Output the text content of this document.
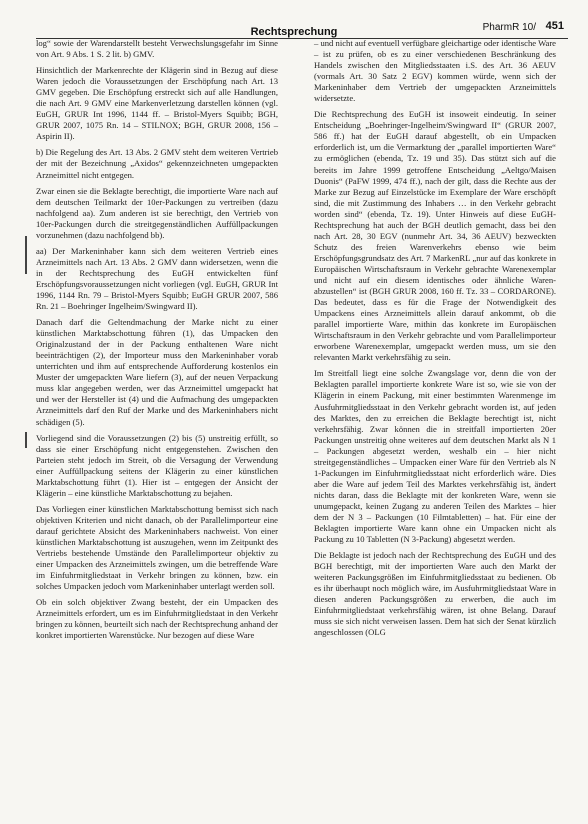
Rechtsprechung	PharmR 10/ 451

log“ sowie der Warendarstellt besteht Verwechslungsgefahr im Sinne von Art. 9 Abs. 1 S. 2 lit. b) GMV.

Hinsichtlich der Markenrechte der Klägerin sind in Bezug auf diese Waren jedoch die Voraussetzungen der Erschöpfung nach Art. 13 GMV gegeben. Die Erschöpfung erstreckt sich auf alle Handlungen, die nach Art. 9 GMV eine Markenverletzung darstellen können (vgl. EuGH, GRUR Int 1996, 1144 ff. – Bristol-Myers Squibb; BGH, GRUR 2007, 1075 Rn. 14 – STILNOX; BGH, GRUR 2008, 156 – Aspirin II).

b) Die Regelung des Art. 13 Abs. 2 GMV steht dem weiteren Vertrieb der mit der Bezeichnung „Axidos“ gekennzeichneten umgepackten Arzneimittel nicht entgegen.

Zwar einen sie die Beklagte berechtigt, die importierte Ware nach auf dem deutschen Teilmarkt der 10er-Packungen zu vertreiben (dazu nachfolgend aa). Zum anderen ist sie berechtigt, den Vertrieb von 10er-Packungen durch die streitgegenständlichen Auffüllpackungen vorzunehmen (dazu nachfolgend bb).

aa) Der Markeninhaber kann sich dem weiteren Vertrieb eines Arzneimittels nach Art. 13 Abs. 2 GMV dann widersetzen, wenn die in der Rechtsprechung des EuGH entwickelten fünf Erschöpfungsvoraussetzungen nicht vorliegen (vgl. EuGH, GRUR Int 1996, 1144 Rn. 79 – Bristol-Myers Squibb; EuGH GRUR 2007, 586 Rn. 21 – Boehringer Ingelheim/Swingward II).

Danach darf die Geltendmachung der Marke nicht zu einer künstlichen Marktabschottung führen (1), das Umpacken den Originalzustand der in der Packung enthaltenen Ware nicht beeinträchtigen (2), der Importeur muss den Markeninhaber vorab unterrichten und ihm auf entsprechende Aufforderung kostenlos ein Muster der umgepackten Ware liefern (3), auf der neuen Verpackung muss klar angegeben werden, wer das Arzneimittel umgepackt hat und wer der Hersteller ist (4) und die Aufmachung des umgepackten Arzneimittels darf den Ruf der Marke und des Markeninhabers nicht schädigen (5).

Vorliegend sind die Voraussetzungen (2) bis (5) unstreitig erfüllt, so dass sie einer Erschöpfung nicht entgegenstehen. Zwischen den Parteien steht jedoch im Streit, ob die Versagung der Verwendung einer Auffüllpackung seitens der Klägerin zu einer künstlichen Marktabschottung führt (1). Hier ist – entgegen der Ansicht der Klägerin – eine künstliche Marktabschottung zu bejahen.

Das Vorliegen einer künstlichen Marktabschottung bemisst sich nach objektiven Kriterien und nicht danach, ob der Parallelimporteur eine darauf gerichtete Absicht des Markeninhabers nachweist. Von einer künstlichen Marktabschottung ist auszugehen, wenn im Zeitpunkt des Vertriebs bestehende Umstände den Parallelimporteur objektiv zu einer Umpacken des Arzneimittels zwingen, um die betreffende Ware im Einfuhrmitgliedstaat in Verkehr bringen zu können, bzw. ein solches Umpacken jedoch vom Markeninhaber unterlagt werden soll.

Ob ein solch objektiver Zwang besteht, der ein Umpacken des Arzneimittels erfordert, um es im Einfuhrmitgliedstaat in den Verkehr bringen zu können, beurteilt sich nach der Rechtsprechung anhand der konkret importierten Warenstücke. Nur bezogen auf diese Ware

– und nicht auf eventuell verfügbare gleichartige oder identische Ware – ist zu prüfen, ob es zu einer verschiedenen Beschränkung des Handels zwischen den Mitgliedsstaaten i.S. des Art. 36 AEUV (vormals Art. 30 Satz 2 EGV) kommen würde, wenn sich der Markeninhaber dem Vertrieb der umgepackten Arzneimittels widersetzte.

Die Rechtsprechung des EuGH ist insoweit eindeutig. In seiner Entscheidung „Boehringer-Ingelheim/Swingward II“ (GRUR 2007, 586 ff.) hat der EuGH darauf abgestellt, ob ein Umpacken erforderlich ist, um die Vermarktung der „parallel importierten Ware“ zu ermöglichen (ebenda, Tz. 19 und 35). Das stützt sich auf die bereits im Jahre 1999 getroffene Entscheidung „Aeltgo/Maisen Duonis“ (PaFW 1999, 474 ff.), nach der gilt, dass die Rechte aus der Marke zur Bezug auf Einzelstücke im Exemplare der Ware erschöpft sind, die mit Zustimmung des Inhabers … in den Verkehr gebracht worden sind“ (ebenda, Tz. 19). Unter Hinweis auf diese EuGH-Rechtsprechung hat auch der BGH deutlich gemacht, dass bei den nach Art. 28, 30 EGV (nunmehr Art. 34, 36 AEUV) bezweckten Schutz des freien Warenverkehrs ebenso wie beim Erschöpfungsgrundsatz des Art. 7 MarkenRL „nur auf das konkrete in Europäischen Wirtschaftsraum in Verkehr gebrachte Warenexemplar und nicht auf ein diesem identisches oder ähnliche Waren-abzustellen“ ist (BGH GRUR 2008, 160 ff. Tz. 33 – CORDARONE). Das bedeutet, dass es für die Frage der Notwendigkeit des Umpackens eines Arzneimittels allein darauf ankommt, ob die parallel importierte Ware, mithin das konkrete im Europäischen Wirtschaftsraum in den Verkehr gebrachte und vom Parallelimporteur erworbene Warenexemplar, umgepackt werden muss, um sie den relevanten Markt verkehrsfähig zu sein.

Im Streitfall liegt eine solche Zwangslage vor, denn die von der Beklagten parallel importierte konkrete Ware ist so, wie sie von der Klägerin in einem Packung, mit einer bestimmten Warenmenge im Ausfuhrmitgliedsstaat in den Verkehr gebracht worden ist, auf jeden des Marktes, den zu erreichen die Beklagte berechtigt ist, nicht verkehrsfähig. Zwar können die in streitfall importierten 20er Packungen unstreitig ohne weiteres auf dem deutschen Markt als N 1 – Packungen abgesetzt werden, weshalb ein – hier nicht streitgegenständliches – Umpacken einer Ware für den Vertrieb als N 1-Packungen im Einfuhrmitgliedsstaat nicht erforderlich wäre. Dies aber die Ware auf jedem Teil des Marktes verkehrsfähig ist, ändert nichts daran, dass die Beklagte mit der konkreten Ware, wenn sie unumgepackt, keinen Zugang zu anderen Teilen des Marktes – hier dem der N 3 – Packungen (10 Filmtabletten) – hat. Für eine der Beklagten importierte Ware kann ohne ein Umpacken nicht als Packung zu 10 Tabletten (N 3-Packung) abgesetzt werden.

Die Beklagte ist jedoch nach der Rechtsprechung des EuGH und des BGH berechtigt, mit der importierten Ware auch den Markt der weiteren Packungsgrößen im Einfuhrmitgliedsstaat zu bedienen. Ob es ihr überhaupt noch möglich wäre, im Ausfuhrmitgliedstaat Ware in diesen anderen Packungsgrößen zu erwerben, die auch im Einfuhrmitgliedstaat verkehrsfähig wären, ist ohne Belang. Darauf muss sie sich nicht verweisen lassen. Dem hat sich der Senat kürzlich angeschlossen (OLG
